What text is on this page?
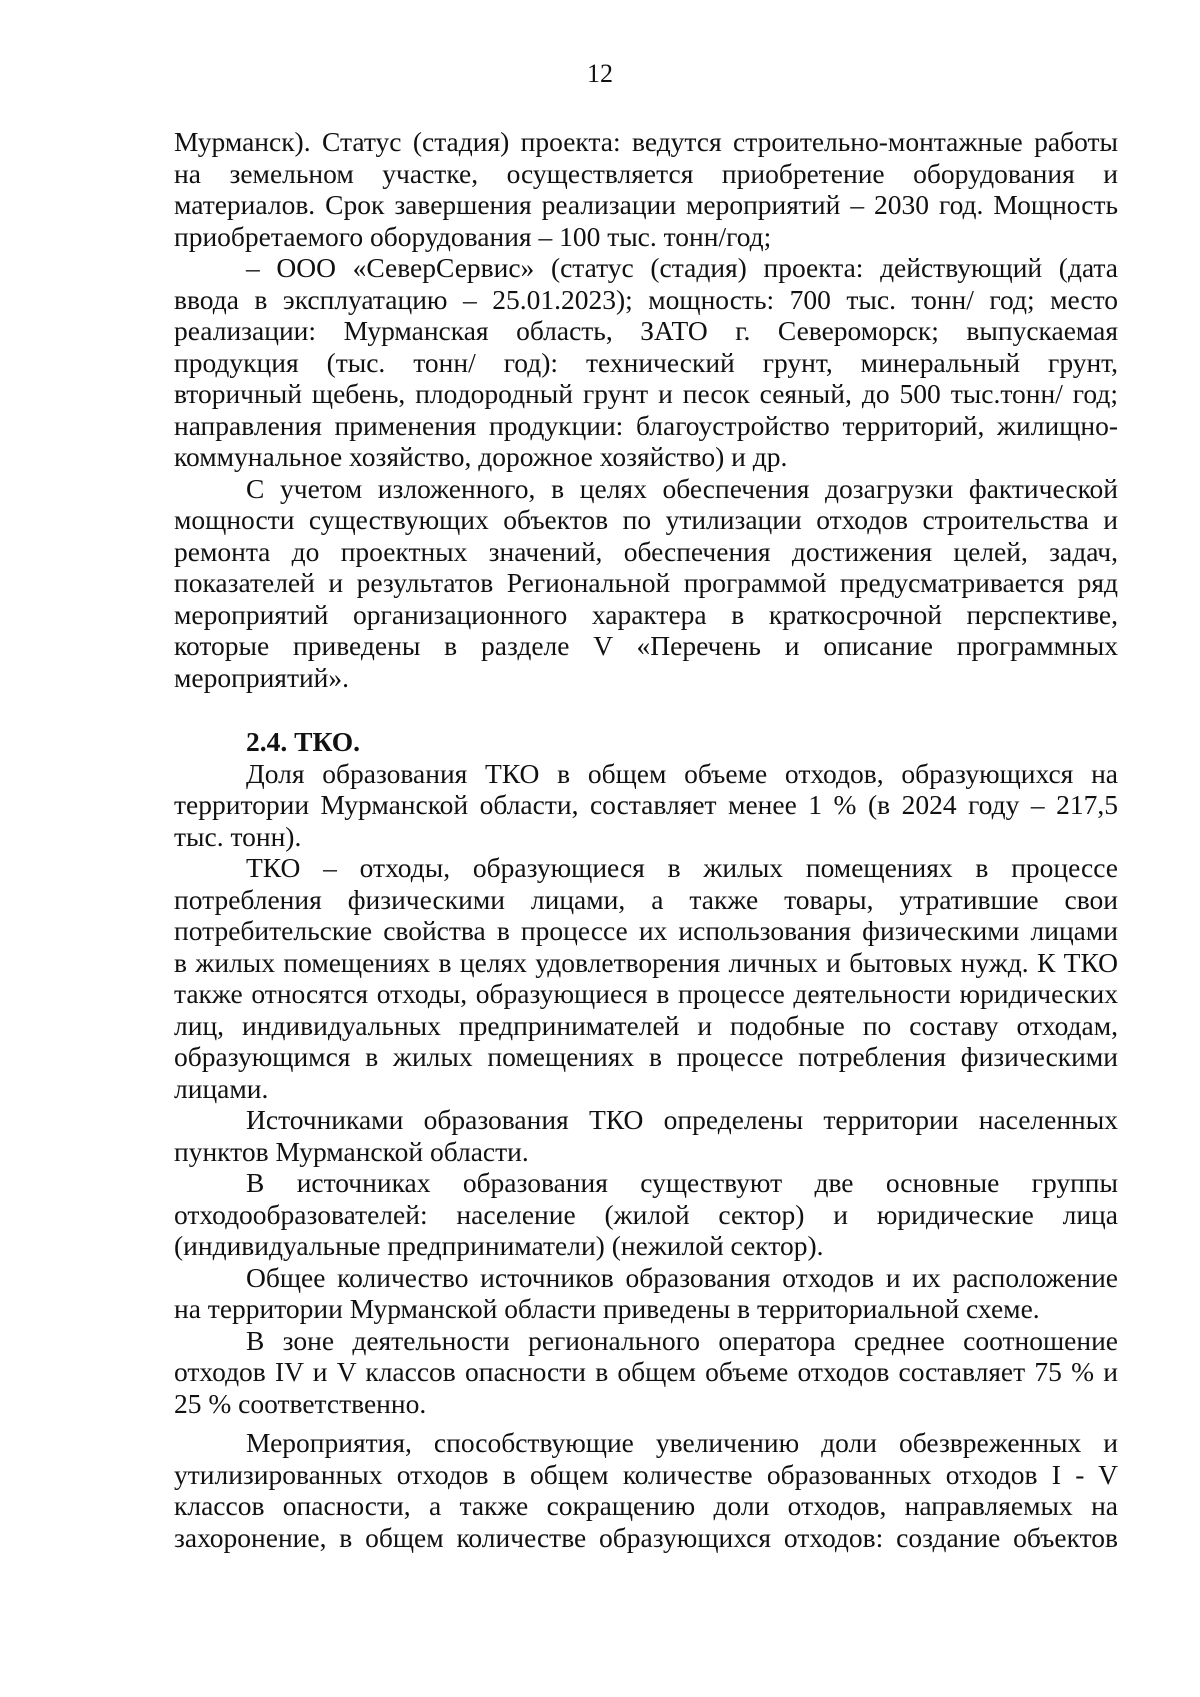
12
Мурманск). Статус (стадия) проекта: ведутся строительно-монтажные работы
на земельном участке, осуществляется приобретение оборудования и
материалов. Срок завершения реализации мероприятий – 2030 год. Мощность
приобретаемого оборудования – 100 тыс. тонн/год;
– ООО «СеверСервис» (статус (стадия) проекта: действующий (дата
ввода в эксплуатацию – 25.01.2023); мощность: 700 тыс. тонн/ год; место
реализации: Мурманская область, ЗАТО г. Североморск; выпускаемая
продукция (тыс. тонн/ год): технический грунт, минеральный грунт,
вторичный щебень, плодородный грунт и песок сеяный, до 500 тыс.тонн/ год;
направления применения продукции: благоустройство территорий, жилищно-
коммунальное хозяйство, дорожное хозяйство) и др.
С учетом изложенного, в целях обеспечения дозагрузки фактической
мощности существующих объектов по утилизации отходов строительства и
ремонта до проектных значений, обеспечения достижения целей, задач,
показателей и результатов Региональной программой предусматривается ряд
мероприятий организационного характера в краткосрочной перспективе,
которые приведены в разделе V «Перечень и описание программных
мероприятий».
2.4. ТКО.
Доля образования ТКО в общем объеме отходов, образующихся на
территории Мурманской области, составляет менее 1 % (в 2024 году – 217,5
тыс. тонн).
ТКО – отходы, образующиеся в жилых помещениях в процессе
потребления физическими лицами, а также товары, утратившие свои
потребительские свойства в процессе их использования физическими лицами
в жилых помещениях в целях удовлетворения личных и бытовых нужд. К ТКО
также относятся отходы, образующиеся в процессе деятельности юридических
лиц, индивидуальных предпринимателей и подобные по составу отходам,
образующимся в жилых помещениях в процессе потребления физическими
лицами.
Источниками образования ТКО определены территории населенных
пунктов Мурманской области.
В источниках образования существуют две основные группы
отходообразователей: население (жилой сектор) и юридические лица
(индивидуальные предприниматели) (нежилой сектор).
Общее количество источников образования отходов и их расположение
на территории Мурманской области приведены в территориальной схеме.
В зоне деятельности регионального оператора среднее соотношение
отходов IV и V классов опасности в общем объеме отходов составляет 75 % и
25 % соответственно.
Мероприятия, способствующие увеличению доли обезвреженных и
утилизированных отходов в общем количестве образованных отходов I - V
классов опасности, а также сокращению доли отходов, направляемых на
захоронение, в общем количестве образующихся отходов: создание объектов
